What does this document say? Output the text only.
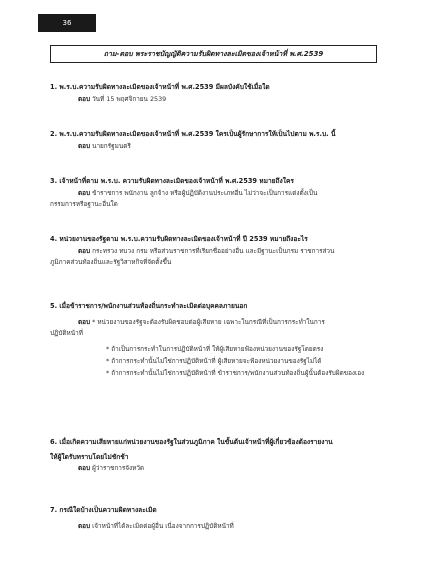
36
ถาม-ตอบ พระราชบัญญัติความรับผิดทางละเมิดของเจ้าหน้าที่ พ.ศ.2539
1. พ.ร.บ.ความรับผิดทางละเมิดของเจ้าหน้าที่ พ.ศ.2539 มีผลบังคับใช้เมื่อใด
ตอบ วันที่ 15 พฤศจิกายน 2539
2. พ.ร.บ.ความรับผิดทางละเมิดของเจ้าหน้าที่ พ.ศ.2539 ใครเป็นผู้รักษาการให้เป็นไปตาม พ.ร.บ. นี้
ตอบ นายกรัฐมนตรี
3. เจ้าหน้าที่ตาม พ.ร.บ. ความรับผิดทางละเมิดของเจ้าหน้าที่ พ.ศ.2539 หมายถึงใคร
ตอบ ข้าราชการ พนักงาน ลูกจ้าง หรือผู้ปฏิบัติงานประเภทอื่น ไม่ว่าจะเป็นการแต่งตั้งเป็น
กรรมการหรือฐานะอื่นใด
4. หน่วยงานของรัฐตาม พ.ร.บ.ความรับผิดทางละเมิดของเจ้าหน้าที่ ปี 2539 หมายถึงอะไร
ตอบ กระทรวง ทบวง กรม หรือส่วนราชการที่เรียกชื่ออย่างอื่น และมีฐานะเป็นกรม ราชการส่วน
ภูมิภาคส่วนท้องถิ่นและรัฐวิสาหกิจที่จัดตั้งขึ้น
5. เมื่อข้าราชการ/พนักงานส่วนท้องถิ่นกระทำละเมิดต่อบุคคลภายนอก
ตอบ * หน่วยงานของรัฐจะต้องรับผิดชอบต่อผู้เสียหาย เฉพาะในกรณีที่เป็นการกระทำในการ
ปฏิบัติหน้าที่
* ถ้าเป็นการกระทำในการปฏิบัติหน้าที่ ให้ผู้เสียหายฟ้องหน่วยงานของรัฐโดยตรง
* ถ้าการกระทำนั้นไม่ใช่การปฏิบัติหน้าที่ ผู้เสียหายจะฟ้องหน่วยงานของรัฐไม่ได้
* ถ้าการกระทำนั้นไม่ใช่การปฏิบัติหน้าที่ ข้าราชการ/พนักงานส่วนท้องถิ่นผู้นั้นต้องรับผิดของเอง
6. เมื่อเกิดความเสียหายแก่หน่วยงานของรัฐในส่วนภูมิภาค ในขั้นต้นเจ้าหน้าที่ผู้เกี่ยวข้องต้องรายงาน
ให้ผู้ใดรับทราบโดยไม่ชักช้า
ตอบ ผู้ว่าราชการจังหวัด
7. กรณีใดบ้างเป็นความผิดทางละเมิด
ตอบ เจ้าหน้าที่ได้ละเมิดต่อผู้อื่น เนื่องจากการปฏิบัติหน้าที่
